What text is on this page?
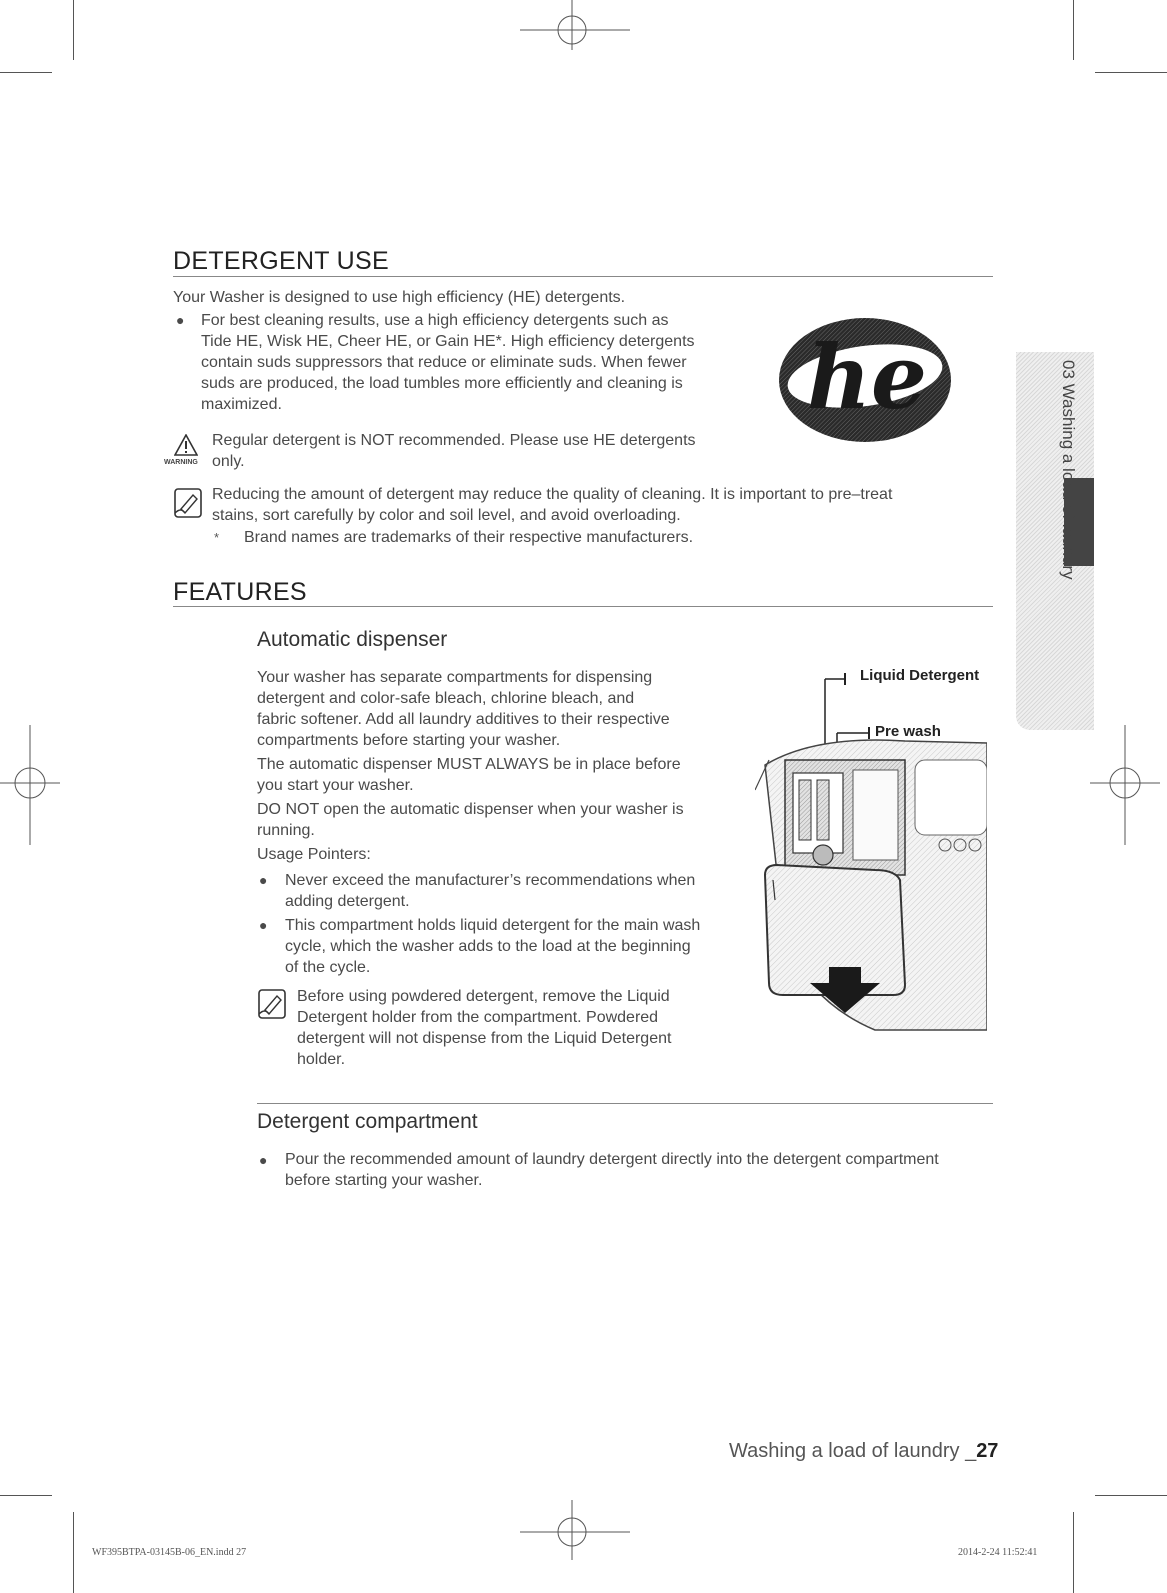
DETERGENT USE
Your Washer is designed to use high efficiency (HE) detergents.
● For best cleaning results, use a high efficiency detergents such as

Tide HE, Wisk HE, Cheer HE, or Gain HE*. High efficiency detergents

contain suds suppressors that reduce or eliminate suds. When fewer

suds are produced, the load tumbles more efficiently and cleaning is

maximized.	he
WARNING

Regular detergent is NOT recommended. Please use HE detergents

only.

Reducing the amount of detergent may reduce the quality of cleaning. It is important to pre–treat

stains, sort carefully by color and soil level, and avoid overloading.

* Brand names are trademarks of their respective manufacturers.
FEATURES
Automatic dispenser

Your washer has separate compartments for dispensing

detergent and color-safe bleach, chlorine bleach, and

fabric softener. Add all laundry additives to their respective

compartments before starting your washer.

The automatic dispenser MUST ALWAYS be in place before

you start your washer.

DO NOT open the automatic dispenser when your washer is

running.

Usage Pointers:

● Never exceed the manufacturer’s recommendations when

adding detergent.

● This compartment holds liquid detergent for the main wash

cycle, which the washer adds to the load at the beginning

of the cycle.

Before using powdered detergent, remove the Liquid

Detergent holder from the compartment. Powdered

detergent will not dispense from the Liquid Detergent

holder.

Liquid Detergent
Pre wash
Detergent compartment
● Pour the recommended amount of laundry detergent directly into the detergent compartment

before starting your washer.

03 Washing a load of laundry
Washing a load of laundry _27
WF395BTPA-03145B-06_EN.indd 27	2014-2-24 11:52:41
